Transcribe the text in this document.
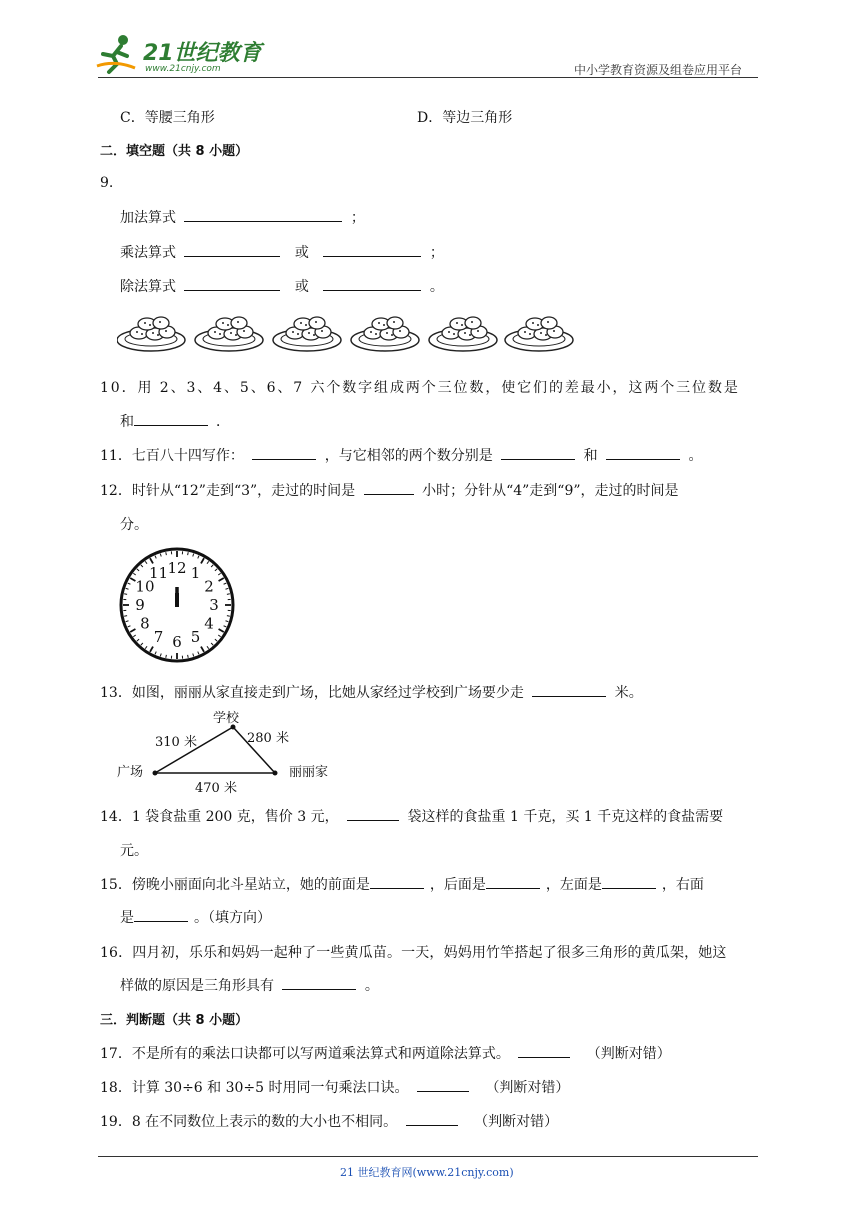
21世纪教育
www.21cnjy.com	中小学教育资源及组卷应用平台
C．等腰三角形	D．等边三角形
二．填空题（共 8 小题）
9.
加法算式	；
乘法算式	或	；
除法算式	或	。
10．用 2、3、4、5、6、7 六个数字组成两个三位数，使它们的差最小，这两个三位数是
和	．
11．七百八十四写作：	，与它相邻的两个数分别是	和	。
12．时针从“12”走到“3”，走过的时间是	小时；分针从“4”走到“9”，走过的时间是
分。
12 1
2
3
4
5
6
7
8
9
10
11
13．如图，丽丽从家直接走到广场，比她从家经过学校到广场要少走	米。
学校
广场	丽丽家
310 米	280 米
470 米
14．1 袋食盐重 200 克，售价 3 元，	袋这样的食盐重 1 千克，买 1 千克这样的食盐需要
元。
15．傍晚小丽面向北斗星站立，她的前面是	，后面是	，左面是	，右面
是	。（填方向）
16．四月初，乐乐和妈妈一起种了一些黄瓜苗。一天，妈妈用竹竿搭起了很多三角形的黄瓜架，她这
样做的原因是三角形具有	。
三．判断题（共 8 小题）
17．不是所有的乘法口诀都可以写两道乘法算式和两道除法算式。	（判断对错）
18．计算 30÷6 和 30÷5 时用同一句乘法口诀。	（判断对错）
19．8 在不同数位上表示的数的大小也不相同。	（判断对错）
21 世纪教育网(www.21cnjy.com)
